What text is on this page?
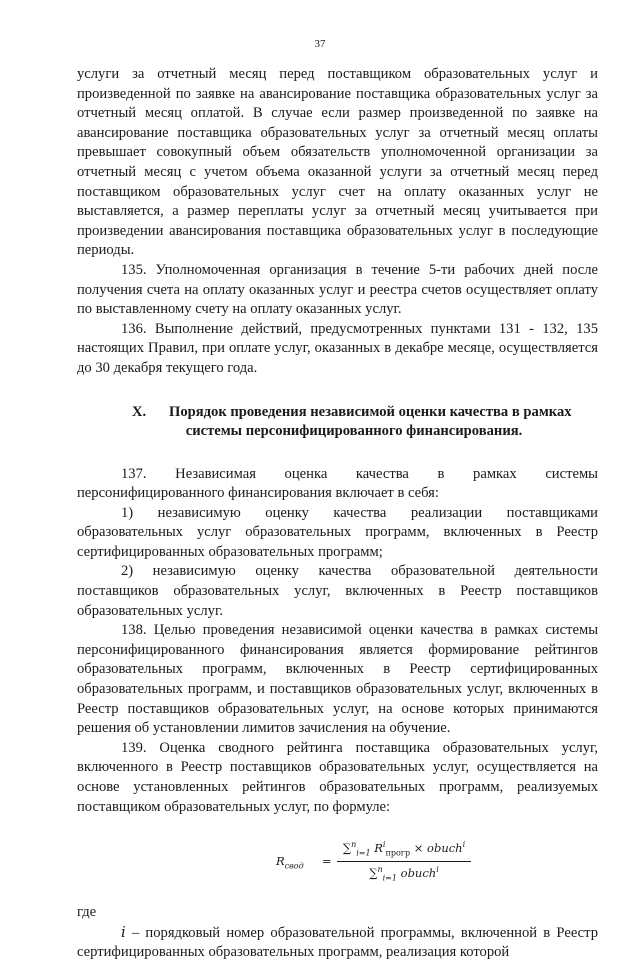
37

услуги за отчетный месяц перед поставщиком образовательных услуг и произведенной по заявке на авансирование поставщика образовательных услуг за отчетный месяц оплатой. В случае если размер произведенной по заявке на авансирование поставщика образовательных услуг за отчетный месяц оплаты превышает совокупный объем обязательств уполномоченной организации за отчетный месяц с учетом объема оказанной услуги за отчетный месяц перед поставщиком образовательных услуг счет на оплату оказанных услуг не выставляется, а размер переплаты услуг за отчетный месяц учитывается при произведении авансирования поставщика образовательных услуг в последующие периоды.

135. Уполномоченная организация в течение 5-ти рабочих дней после получения счета на оплату оказанных услуг и реестра счетов осуществляет оплату по выставленному счету на оплату оказанных услуг.

136. Выполнение действий, предусмотренных пунктами 131 - 132, 135 настоящих Правил, при оплате услуг, оказанных в декабре месяце, осуществляется до 30 декабря текущего года.

X. Порядок проведения независимой оценки качества в рамках
системы персонифицированного финансирования.

137. Независимая оценка качества в рамках системы персонифицированного финансирования включает в себя:

1) независимую оценку качества реализации поставщиками образовательных услуг образовательных программ, включенных в Реестр сертифицированных образовательных программ;

2) независимую оценку качества образовательной деятельности поставщиков образовательных услуг, включенных в Реестр поставщиков образовательных услуг.

138. Целью проведения независимой оценки качества в рамках системы персонифицированного финансирования является формирование рейтингов образовательных программ, включенных в Реестр сертифицированных образовательных программ, и поставщиков образовательных услуг, включенных в Реестр поставщиков образовательных услуг, на основе которых принимаются решения об установлении лимитов зачисления на обучение.

139. Оценка сводного рейтинга поставщика образовательных услуг, включенного в Реестр поставщиков образовательных услуг, осуществляется на основе установленных рейтингов образовательных программ, реализуемых поставщиком образовательных услуг, по формуле:

$R_{свод}$ =
∑$^n_{i=1}$ $R^i_{прогр}$ × obuch$^i$
∑$^n_{i=1}$ obuch$^i$

где

i – порядковый номер образовательной программы, включенной в Реестр сертифицированных образовательных программ, реализация которой
